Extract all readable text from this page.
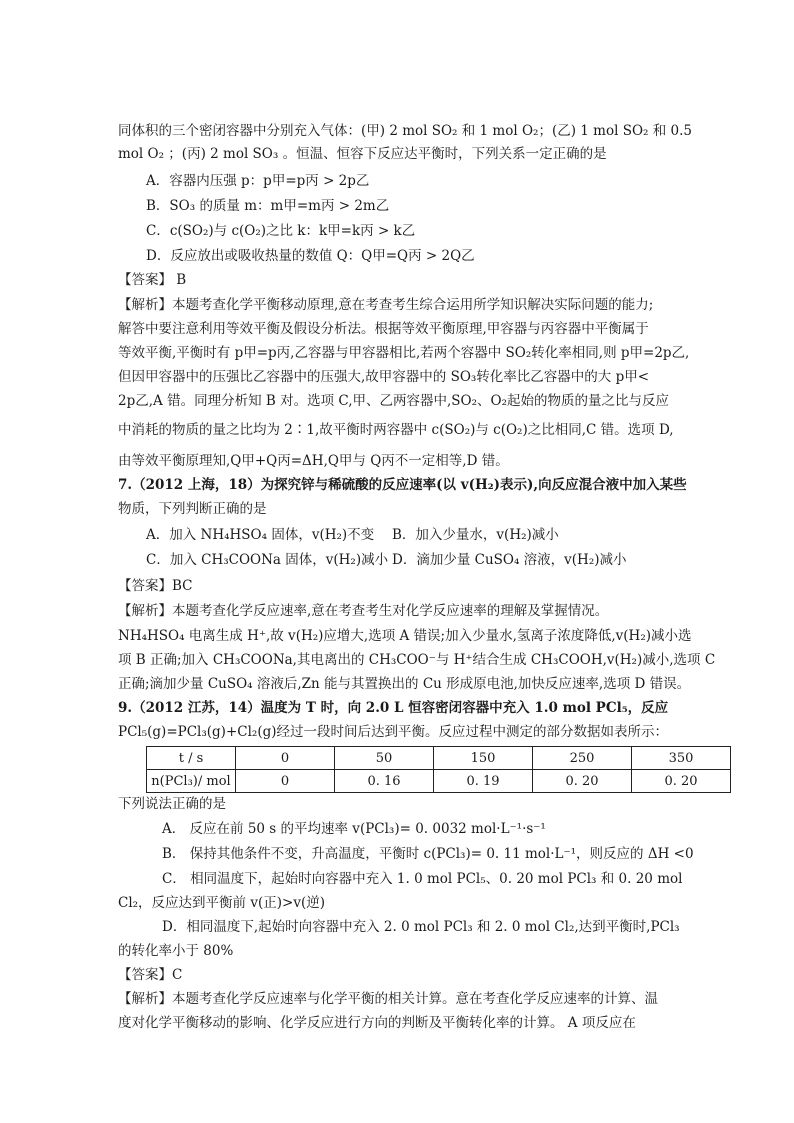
同体积的三个密闭容器中分别充入气体：(甲) 2 mol SO₂ 和 1 mol O₂；(乙) 1 mol SO₂ 和 0.5
mol O₂ ；(丙) 2 mol SO₃ 。恒温、恒容下反应达平衡时，下列关系一定正确的是
A．容器内压强 p：p甲=p丙 > 2p乙
B．SO₃ 的质量 m：m甲=m丙 > 2m乙
C．c(SO₂)与 c(O₂)之比 k：k甲=k丙 > k乙
D．反应放出或吸收热量的数值 Q：Q甲=Q丙 > 2Q乙
【答案】 B
【解析】本题考查化学平衡移动原理,意在考查考生综合运用所学知识解决实际问题的能力;
解答中要注意利用等效平衡及假设分析法。根据等效平衡原理,甲容器与丙容器中平衡属于
等效平衡,平衡时有 p甲=p丙,乙容器与甲容器相比,若两个容器中 SO₂转化率相同,则 p甲=2p乙,
但因甲容器中的压强比乙容器中的压强大,故甲容器中的 SO₃转化率比乙容器中的大 p甲<
2p乙,A 错。同理分析知 B 对。选项 C,甲、乙两容器中,SO₂、O₂起始的物质的量之比与反应
中消耗的物质的量之比均为 2∶1,故平衡时两容器中 c(SO₂)与 c(O₂)之比相同,C 错。选项 D,
由等效平衡原理知,Q甲+Q丙=ΔH,Q甲与 Q丙不一定相等,D 错。
7.（2012 上海，18）为探究锌与稀硫酸的反应速率(以 v(H₂)表示),向反应混合液中加入某些
物质，下列判断正确的是
A．加入 NH₄HSO₄ 固体，v(H₂)不变 B．加入少量水，v(H₂)减小
C．加入 CH₃COONa 固体，v(H₂)减小 D．滴加少量 CuSO₄ 溶液，v(H₂)减小
【答案】BC
【解析】本题考查化学反应速率,意在考查考生对化学反应速率的理解及掌握情况。
NH₄HSO₄ 电离生成 H⁺,故 v(H₂)应增大,选项 A 错误;加入少量水,氢离子浓度降低,v(H₂)减小选
项 B 正确;加入 CH₃COONa,其电离出的 CH₃COO⁻与 H⁺结合生成 CH₃COOH,v(H₂)减小,选项 C
正确;滴加少量 CuSO₄ 溶液后,Zn 能与其置换出的 Cu 形成原电池,加快反应速率,选项 D 错误。
9.（2012 江苏，14）温度为 T 时，向 2.0 L 恒容密闭容器中充入 1.0 mol PCl₅，反应
PCl₅(g)=PCl₃(g)+Cl₂(g)经过一段时间后达到平衡。反应过程中测定的部分数据如表所示：
t / s	0	50	150	250	350
n(PCl₃)/ mol	0	0. 16	0. 19	0. 20	0. 20
下列说法正确的是
A． 反应在前 50 s 的平均速率 v(PCl₃)= 0. 0032 mol·L⁻¹·s⁻¹
B． 保持其他条件不变，升高温度，平衡时 c(PCl₃)= 0. 11 mol·L⁻¹，则反应的 ΔH <0
C． 相同温度下，起始时向容器中充入 1. 0 mol PCl₅、0. 20 mol PCl₃ 和 0. 20 mol
Cl₂，反应达到平衡前 v(正)>v(逆)
D．相同温度下,起始时向容器中充入 2. 0 mol PCl₃ 和 2. 0 mol Cl₂,达到平衡时,PCl₃
的转化率小于 80%
【答案】C
【解析】本题考查化学反应速率与化学平衡的相关计算。意在考查化学反应速率的计算、温
度对化学平衡移动的影响、化学反应进行方向的判断及平衡转化率的计算。 A 项反应在
